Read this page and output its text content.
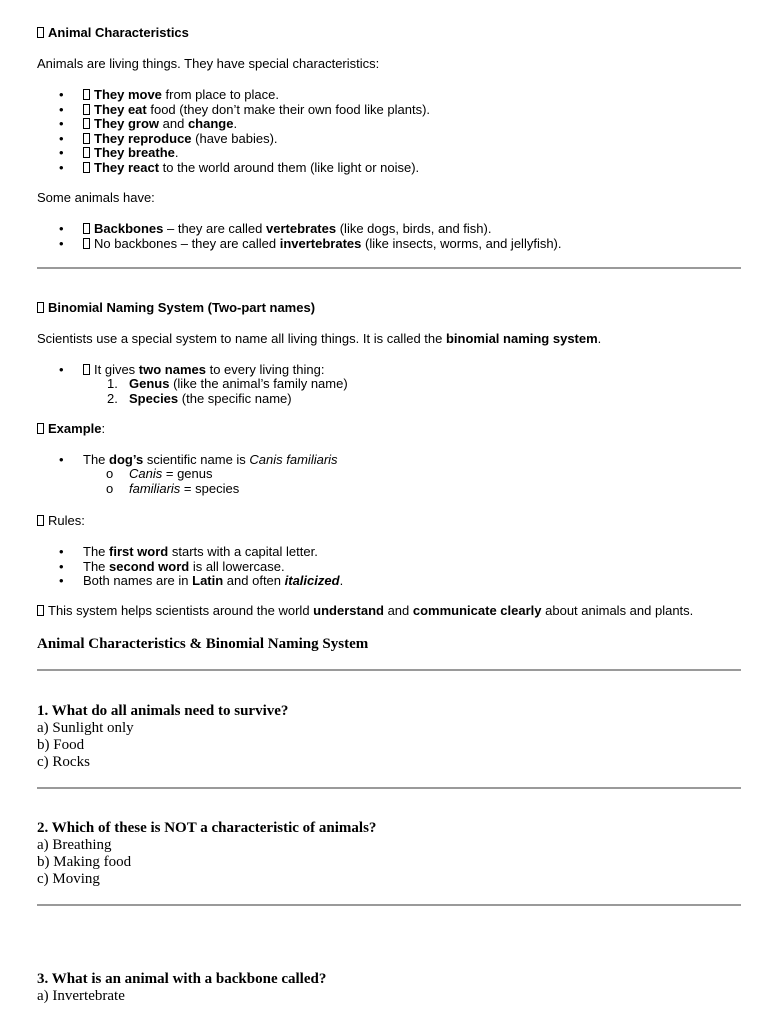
Animal Characteristics
Animals are living things. They have special characteristics:
• They move from place to place.
• They eat food (they don’t make their own food like plants).
• They grow and change.
• They reproduce (have babies).
• They breathe.
• They react to the world around them (like light or noise).
Some animals have:
• Backbones – they are called vertebrates (like dogs, birds, and fish).
• No backbones – they are called invertebrates (like insects, worms, and jellyfish).
Binomial Naming System (Two-part names)
Scientists use a special system to name all living things. It is called the binomial naming system.
• It gives two names to every living thing:
1. Genus (like the animal’s family name)
2. Species (the specific name)
Example:
• The dog’s scientific name is Canis familiaris
o Canis = genus
o familiaris = species
Rules:
• The first word starts with a capital letter.
• The second word is all lowercase.
• Both names are in Latin and often italicized.
This system helps scientists around the world understand and communicate clearly about animals and plants.
Animal Characteristics & Binomial Naming System
1. What do all animals need to survive?
a) Sunlight only
b) Food
c) Rocks
2. Which of these is NOT a characteristic of animals?
a) Breathing
b) Making food
c) Moving
3. What is an animal with a backbone called?
a) Invertebrate
